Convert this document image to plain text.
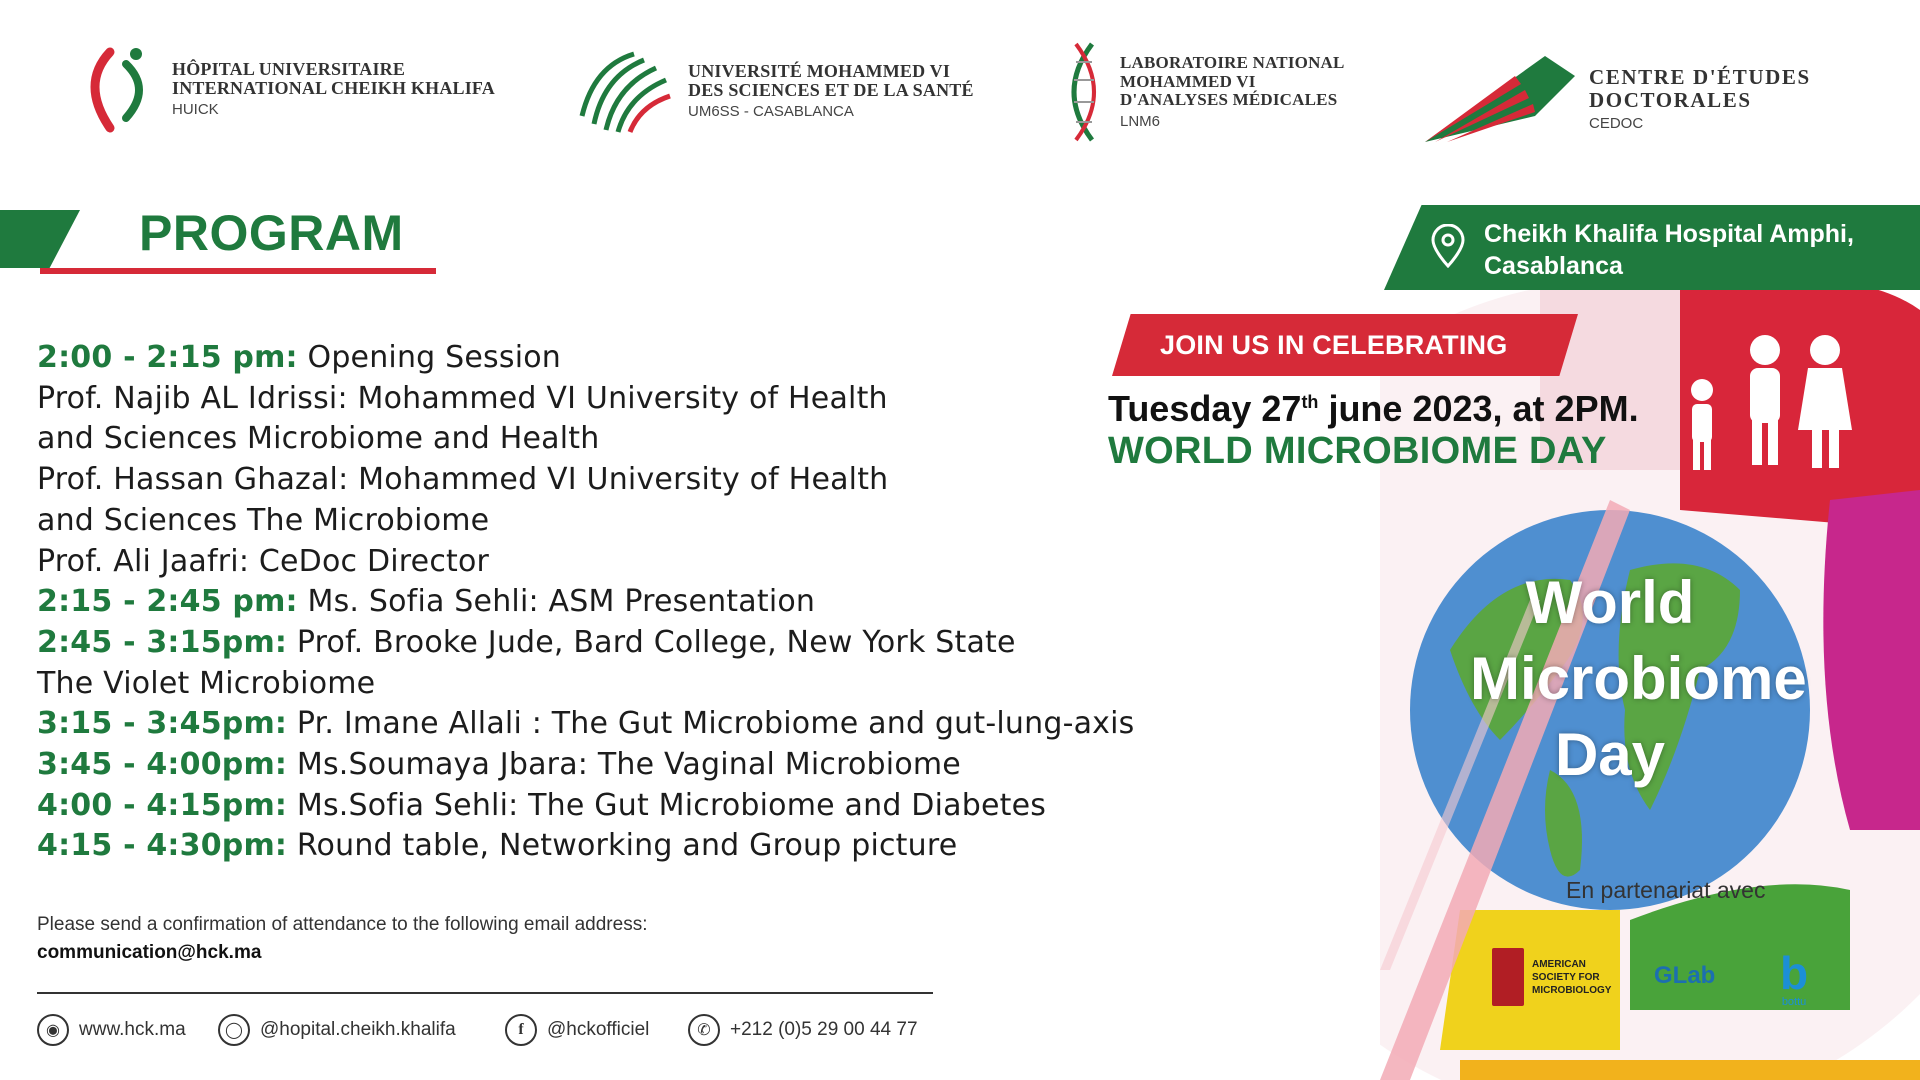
HÔPITAL UNIVERSITAIRE
INTERNATIONAL CHEIKH KHALIFA
HUICK
UNIVERSITÉ MOHAMMED VI
DES SCIENCES ET DE LA SANTÉ
UM6SS - CASABLANCA
LABORATOIRE NATIONAL
MOHAMMED VI
D'ANALYSES MÉDICALES
LNM6
CENTRE D'ÉTUDES
DOCTORALES
CEDOC
PROGRAM
2:00 - 2:15 pm: Opening Session
Prof. Najib AL Idrissi: Mohammed VI University of Health
and Sciences Microbiome and Health
Prof. Hassan Ghazal: Mohammed VI University of Health
and Sciences The Microbiome
Prof. Ali Jaafri: CeDoc Director
2:15 - 2:45 pm: Ms. Sofia Sehli: ASM Presentation
2:45 - 3:15pm: Prof. Brooke Jude, Bard College, New York State
The Violet Microbiome
3:15 - 3:45pm: Pr. Imane Allali : The Gut Microbiome and gut-lung-axis
3:45 - 4:00pm: Ms.Soumaya Jbara: The Vaginal Microbiome
4:00 - 4:15pm: Ms.Sofia Sehli: The Gut Microbiome and Diabetes
4:15 - 4:30pm: Round table, Networking and Group picture
Please send a confirmation of attendance to the following email address:
communication@hck.ma
◉	www.hck.ma	◯ @hopital.cheikh.khalifa	f	@hckofficiel	✆	+212 (0)5 29 00 44 77
Cheikh Khalifa Hospital Amphi,
Casablanca
JOIN US IN CELEBRATING
Tuesday 27th june 2023, at 2PM.
WORLD MICROBIOME DAY
World
Microbiome
Day
En partenariat avec
AMERICAN SOCIETY FOR MICROBIOLOGY
GLab b
bottu
